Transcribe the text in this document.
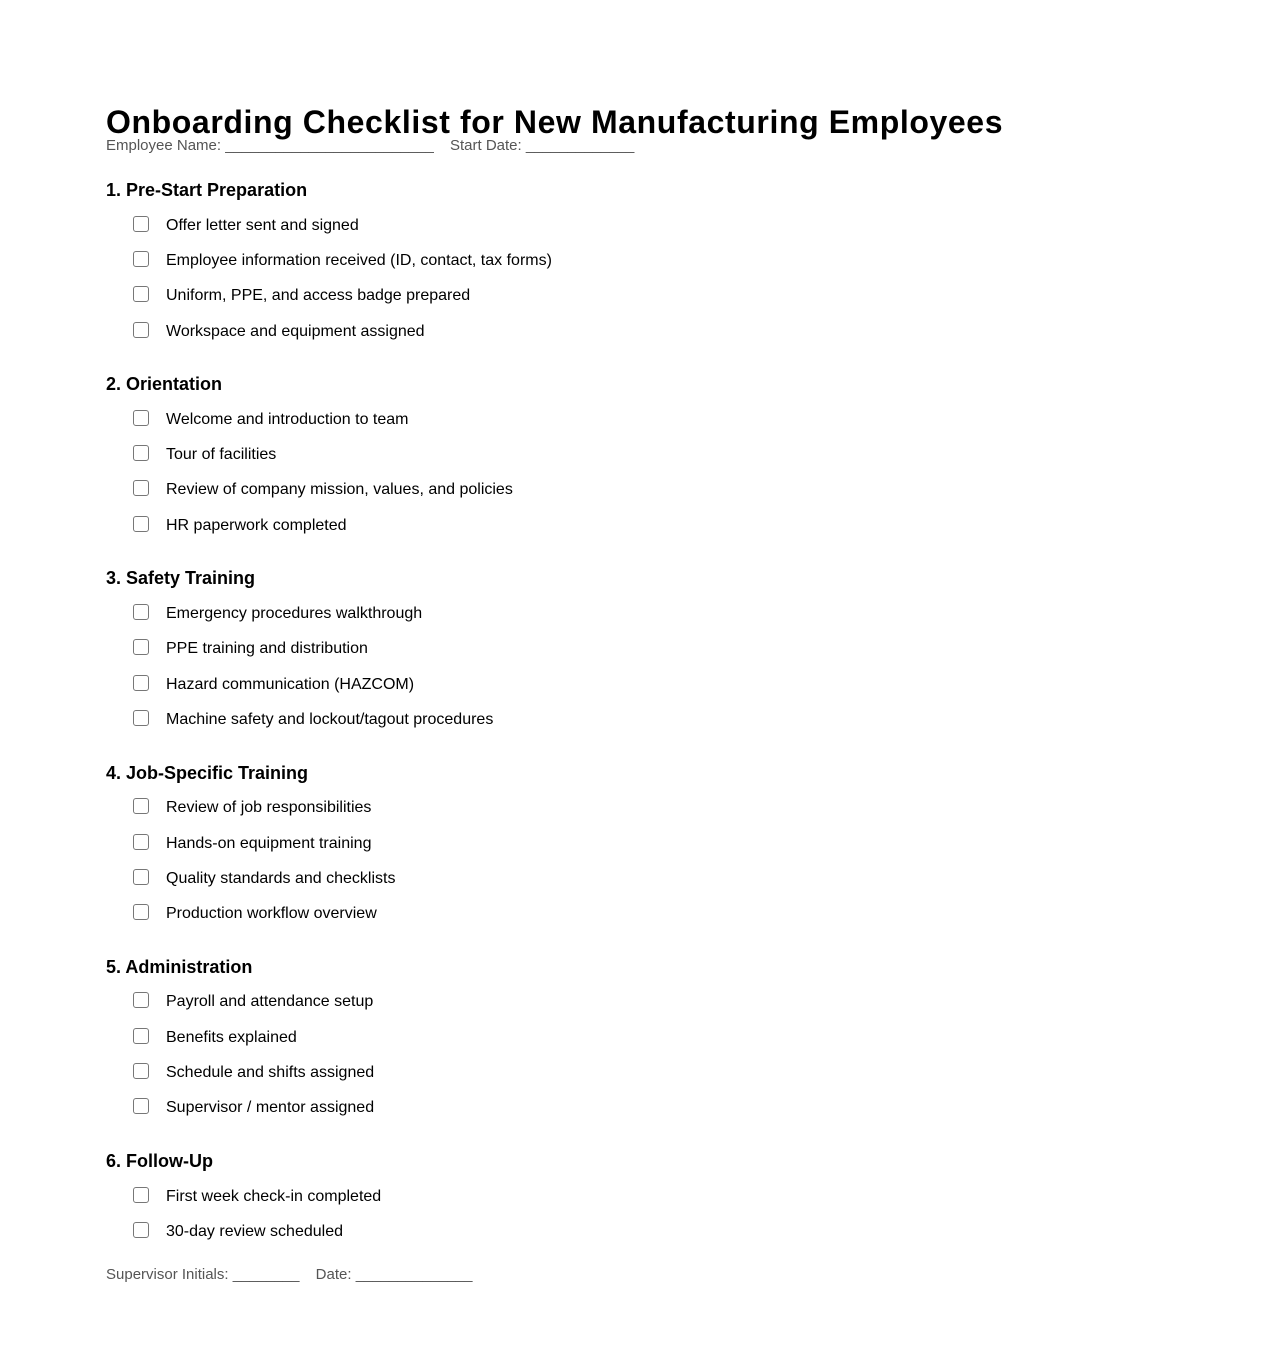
Onboarding Checklist for New Manufacturing Employees
Employee Name: _________________________ Start Date: _____________
1. Pre-Start Preparation
Offer letter sent and signed
Employee information received (ID, contact, tax forms)
Uniform, PPE, and access badge prepared
Workspace and equipment assigned
2. Orientation
Welcome and introduction to team
Tour of facilities
Review of company mission, values, and policies
HR paperwork completed
3. Safety Training
Emergency procedures walkthrough
PPE training and distribution
Hazard communication (HAZCOM)
Machine safety and lockout/tagout procedures
4. Job-Specific Training
Review of job responsibilities
Hands-on equipment training
Quality standards and checklists
Production workflow overview
5. Administration
Payroll and attendance setup
Benefits explained
Schedule and shifts assigned
Supervisor / mentor assigned
6. Follow-Up
First week check-in completed
30-day review scheduled
Supervisor Initials: ________ Date: ______________
